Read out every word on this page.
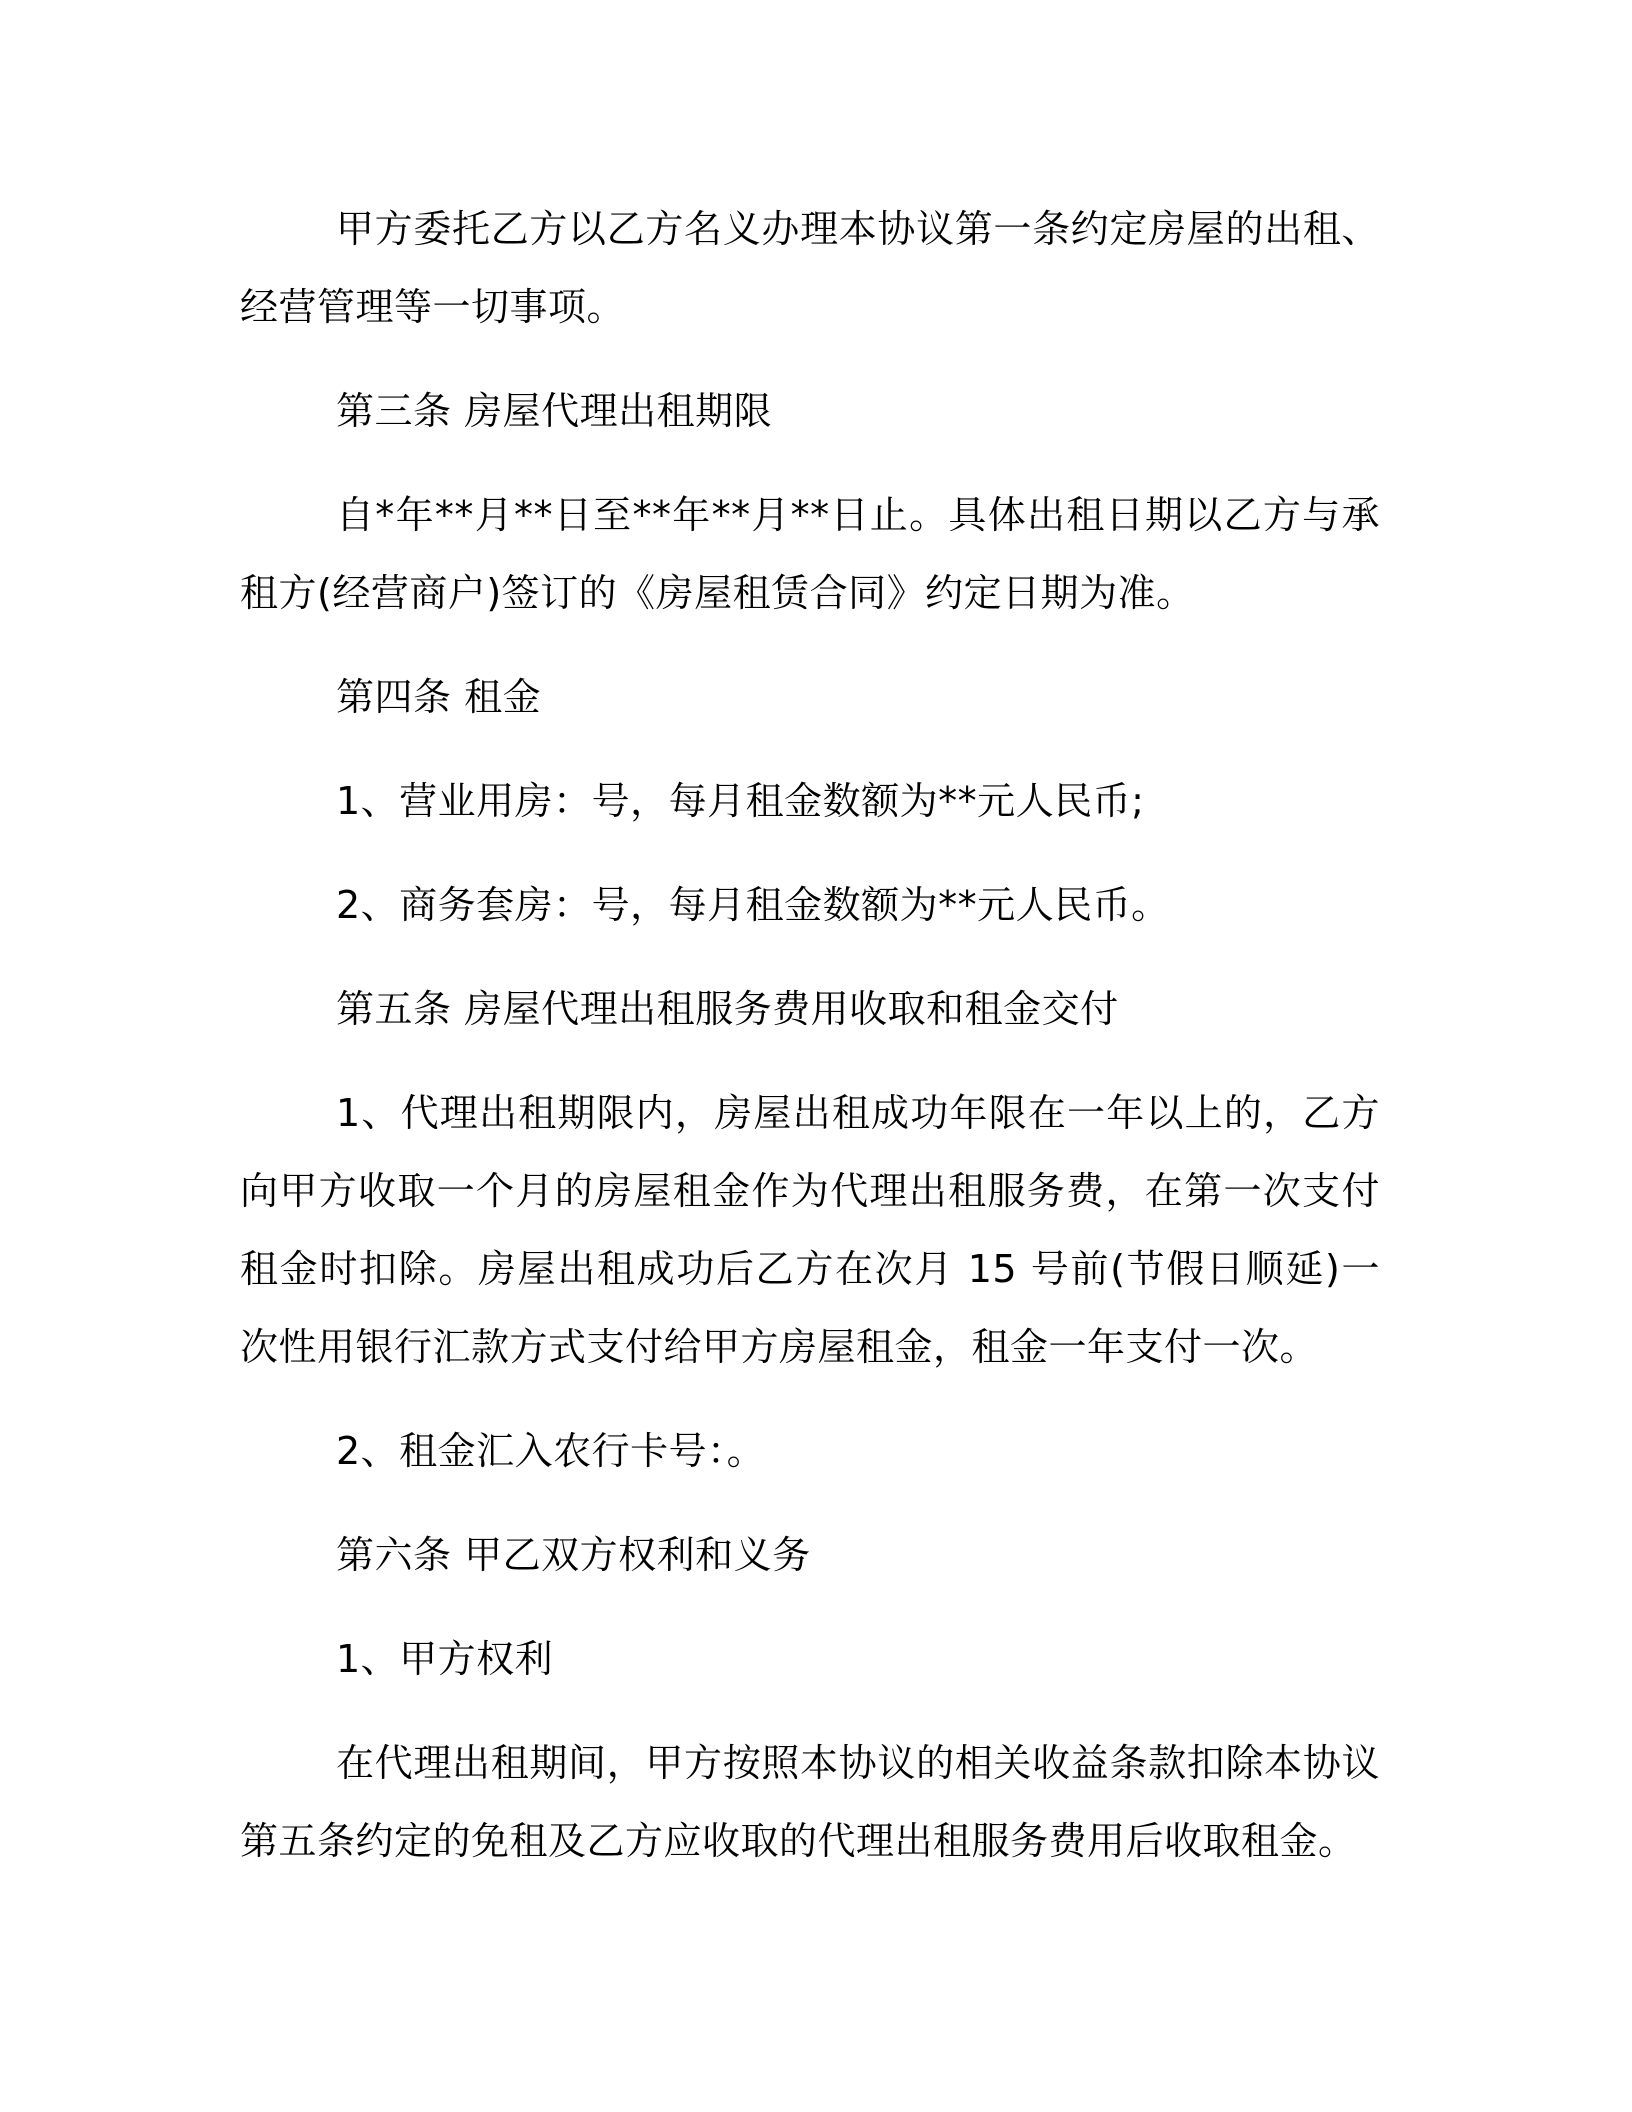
甲方委托乙方以乙方名义办理本协议第一条约定房屋的出租、经营管理等一切事项。

第三条 房屋代理出租期限

自*年**月**日至**年**月**日止。具体出租日期以乙方与承租方(经营商户)签订的《房屋租赁合同》约定日期为准。

第四条 租金

1、营业用房：号，每月租金数额为**元人民币;

2、商务套房：号，每月租金数额为**元人民币。

第五条 房屋代理出租服务费用收取和租金交付

1、代理出租期限内，房屋出租成功年限在一年以上的，乙方向甲方收取一个月的房屋租金作为代理出租服务费，在第一次支付租金时扣除。房屋出租成功后乙方在次月 15 号前(节假日顺延)一次性用银行汇款方式支付给甲方房屋租金，租金一年支付一次。

2、租金汇入农行卡号：。

第六条 甲乙双方权利和义务

1、甲方权利

在代理出租期间，甲方按照本协议的相关收益条款扣除本协议第五条约定的免租及乙方应收取的代理出租服务费用后收取租金。
